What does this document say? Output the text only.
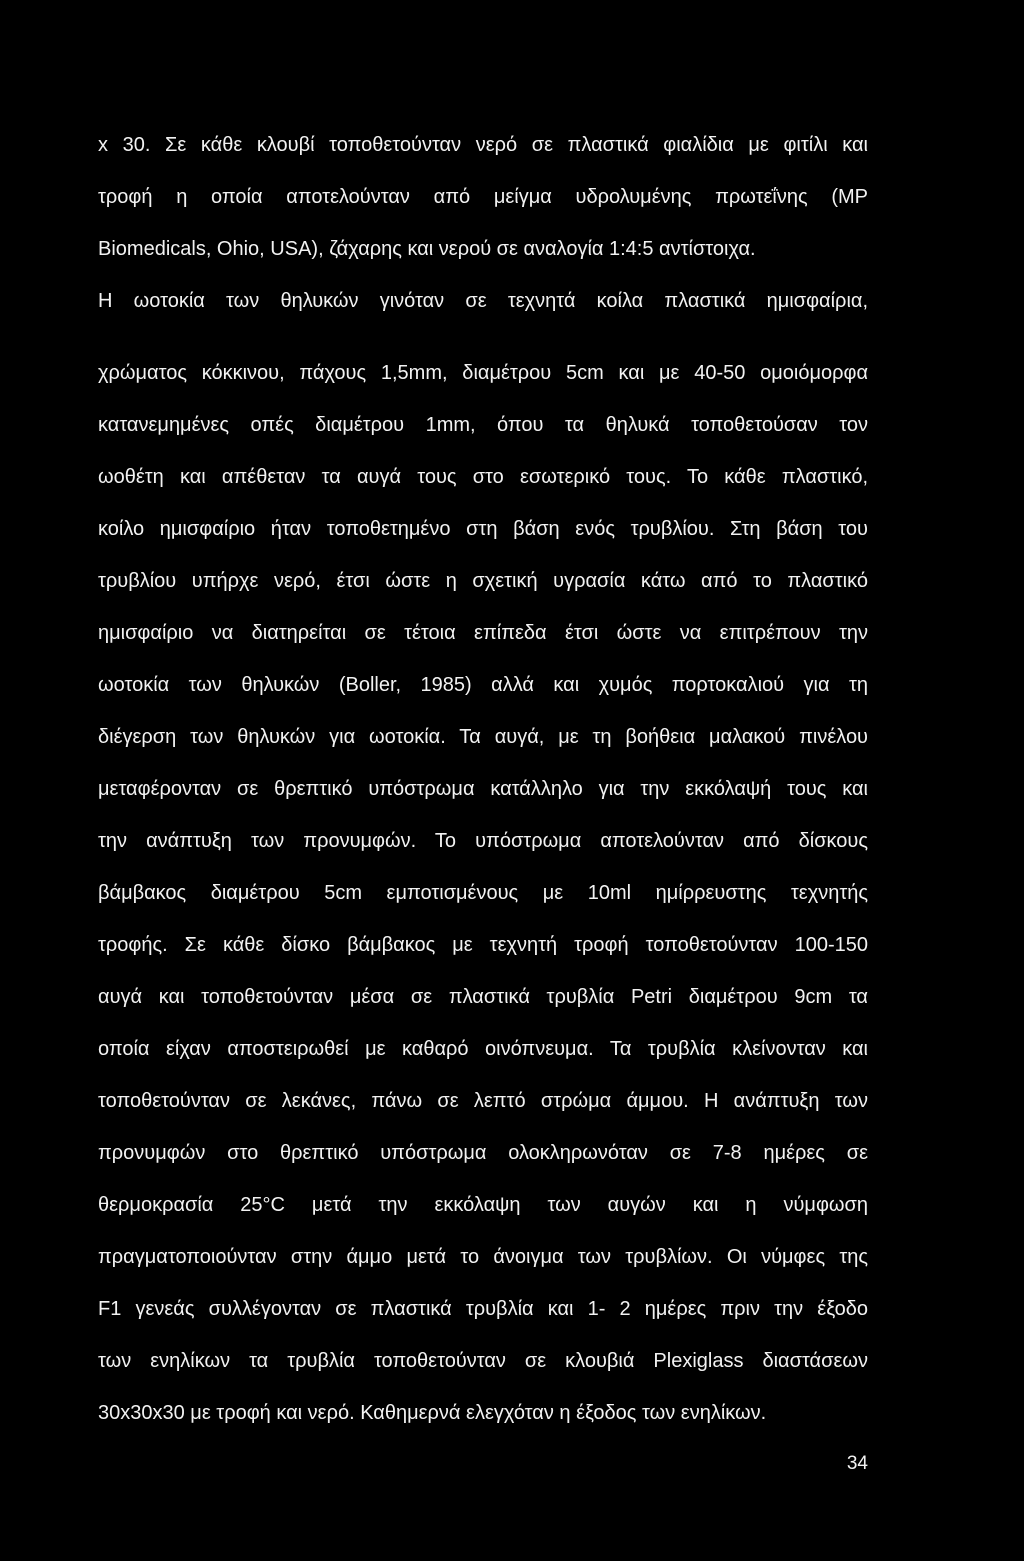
x 30. Σε κάθε κλουβί τοποθετούνταν νερό σε πλαστικά φιαλίδια με φιτίλι και

τροφή η οποία αποτελούνταν από μείγμα υδρολυμένης πρωτεΐνης (MP

Biomedicals, Ohio, USA), ζάχαρης και νερού σε αναλογία 1:4:5 αντίστοιχα.

Η ωοτοκία των θηλυκών γινόταν σε τεχνητά κοίλα πλαστικά ημισφαίρια,

χρώματος κόκκινου, πάχους 1,5mm, διαμέτρου 5cm και με 40-50 ομοιόμορφα

κατανεμημένες οπές διαμέτρου 1mm, όπου τα θηλυκά τοποθετούσαν τον

ωοθέτη και απέθεταν τα αυγά τους στο εσωτερικό τους. Το κάθε πλαστικό,

κοίλο ημισφαίριο ήταν τοποθετημένο στη βάση ενός τρυβλίου. Στη βάση του

τρυβλίου υπήρχε νερό, έτσι ώστε η σχετική υγρασία κάτω από το πλαστικό

ημισφαίριο να διατηρείται σε τέτοια επίπεδα έτσι ώστε να επιτρέπουν την

ωοτοκία των θηλυκών (Boller, 1985) αλλά και χυμός πορτοκαλιού για τη

διέγερση των θηλυκών για ωοτοκία. Τα αυγά, με τη βοήθεια μαλακού πινέλου

μεταφέρονταν σε θρεπτικό υπόστρωμα κατάλληλο για την εκκόλαψή τους και

την ανάπτυξη των προνυμφών. Το υπόστρωμα αποτελούνταν από δίσκους

βάμβακος διαμέτρου 5cm εμποτισμένους με 10ml ημίρρευστης τεχνητής

τροφής. Σε κάθε δίσκο βάμβακος με τεχνητή τροφή τοποθετούνταν 100-150

αυγά και τοποθετούνταν μέσα σε πλαστικά τρυβλία Petri διαμέτρου 9cm τα

οποία είχαν αποστειρωθεί με καθαρό οινόπνευμα. Τα τρυβλία κλείνονταν και

τοποθετούνταν σε λεκάνες, πάνω σε λεπτό στρώμα άμμου. Η ανάπτυξη των

προνυμφών στο θρεπτικό υπόστρωμα ολοκληρωνόταν σε 7-8 ημέρες σε

θερμοκρασία 25°C μετά την εκκόλαψη των αυγών και η νύμφωση

πραγματοποιούνταν στην άμμο μετά το άνοιγμα των τρυβλίων. Οι νύμφες της

F1 γενεάς συλλέγονταν σε πλαστικά τρυβλία και 1- 2 ημέρες πριν την έξοδο

των ενηλίκων τα τρυβλία τοποθετούνταν σε κλουβιά Plexiglass διαστάσεων

30x30x30 με τροφή και νερό. Καθημερνά ελεγχόταν η έξοδος των ενηλίκων.

34
